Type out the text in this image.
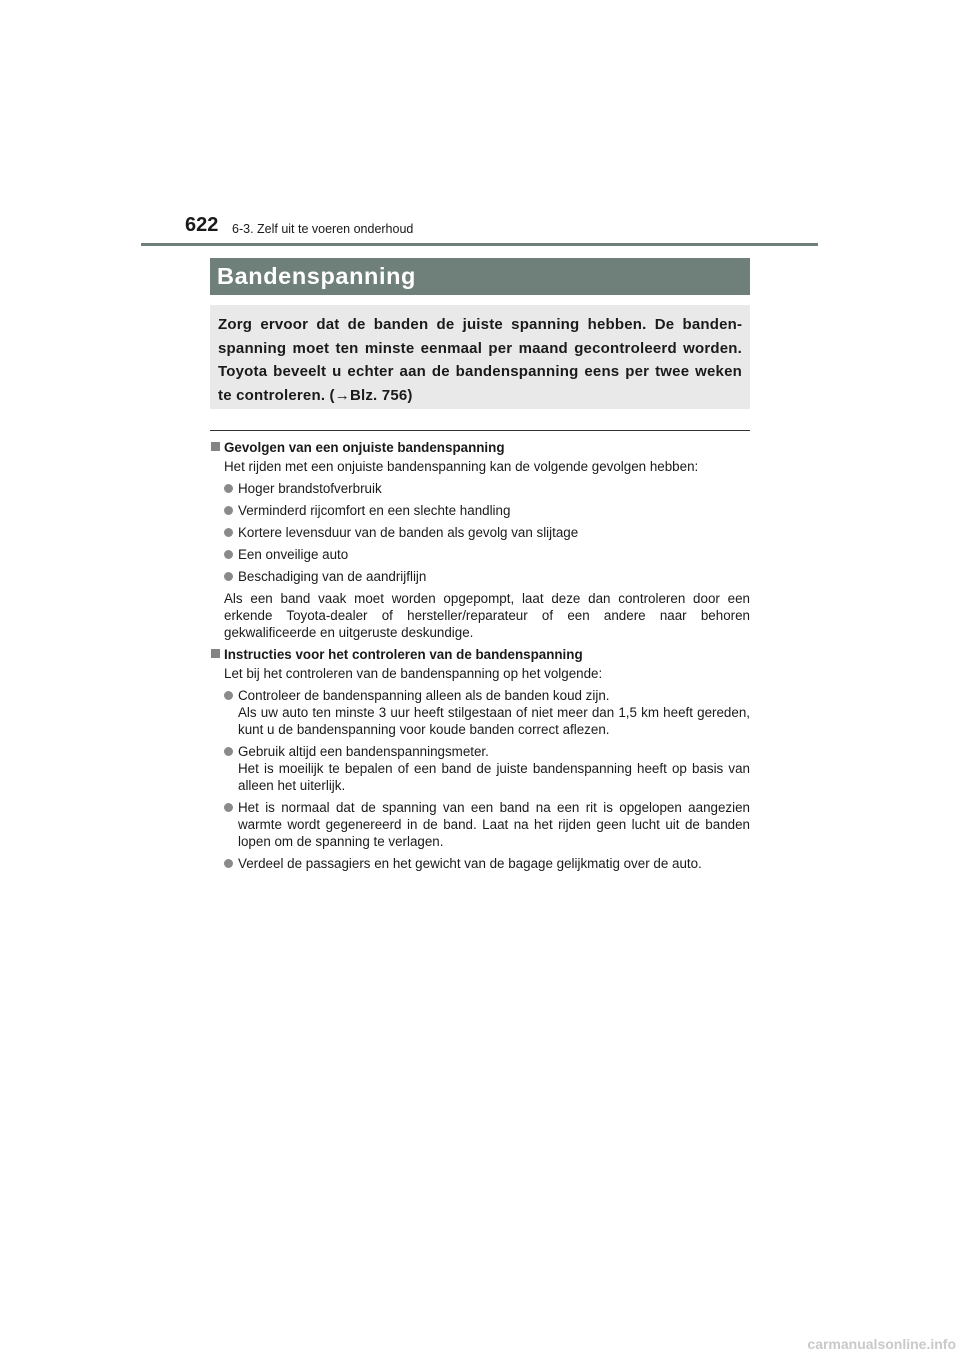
622 6-3. Zelf uit te voeren onderhoud
Bandenspanning

Zorg ervoor dat de banden de juiste spanning hebben. De bandenspanning moet ten minste eenmaal per maand gecontroleerd worden. Toyota beveelt u echter aan de bandenspanning eens per twee weken te controleren. (→Blz. 756)

Gevolgen van een onjuiste bandenspanning
Het rijden met een onjuiste bandenspanning kan de volgende gevolgen hebben:
Hoger brandstofverbruik
Verminderd rijcomfort en een slechte handling
Kortere levensduur van de banden als gevolg van slijtage
Een onveilige auto
Beschadiging van de aandrijflijn
Als een band vaak moet worden opgepompt, laat deze dan controleren door een erkende Toyota-dealer of hersteller/reparateur of een andere naar behoren gekwalificeerde en uitgeruste deskundige.
Instructies voor het controleren van de bandenspanning
Let bij het controleren van de bandenspanning op het volgende:
Controleer de bandenspanning alleen als de banden koud zijn.
Als uw auto ten minste 3 uur heeft stilgestaan of niet meer dan 1,5 km heeft gereden, kunt u de bandenspanning voor koude banden correct aflezen.
Gebruik altijd een bandenspanningsmeter.
Het is moeilijk te bepalen of een band de juiste bandenspanning heeft op basis van alleen het uiterlijk.
Het is normaal dat de spanning van een band na een rit is opgelopen aangezien warmte wordt gegenereerd in de band. Laat na het rijden geen lucht uit de banden lopen om de spanning te verlagen.
Verdeel de passagiers en het gewicht van de bagage gelijkmatig over de auto.
carmanualsonline.info
